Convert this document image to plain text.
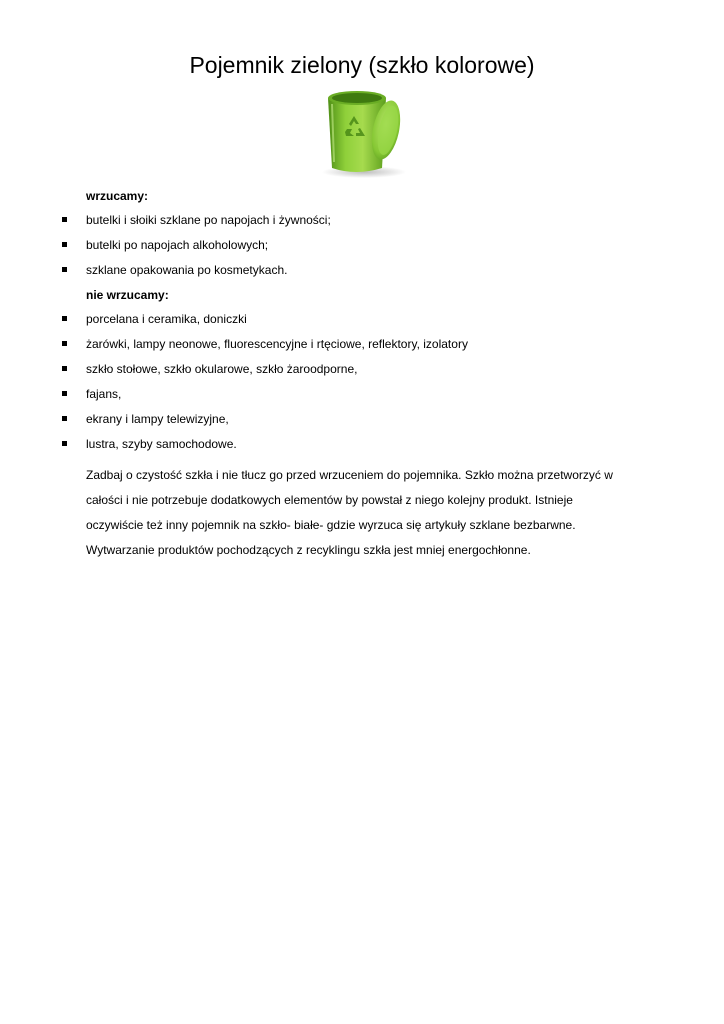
Pojemnik zielony (szkło kolorowe)

wrzucamy:

butelki i słoiki szklane po napojach i żywności;
butelki po napojach alkoholowych;
szklane opakowania po kosmetykach.

nie wrzucamy:

porcelana i ceramika, doniczki
żarówki, lampy neonowe, fluorescencyjne i rtęciowe, reflektory, izolatory
szkło stołowe, szkło okularowe, szkło żaroodporne,
fajans,
ekrany i lampy telewizyjne,
lustra, szyby samochodowe.

Zadbaj o czystość szkła i nie tłucz go przed wrzuceniem do pojemnika. Szkło można przetworzyć w
całości i nie potrzebuje dodatkowych elementów by powstał z niego kolejny produkt. Istnieje
oczywiście też inny pojemnik na szkło- białe- gdzie wyrzuca się artykuły szklane bezbarwne.
Wytwarzanie produktów pochodzących z recyklingu szkła jest mniej energochłonne.
